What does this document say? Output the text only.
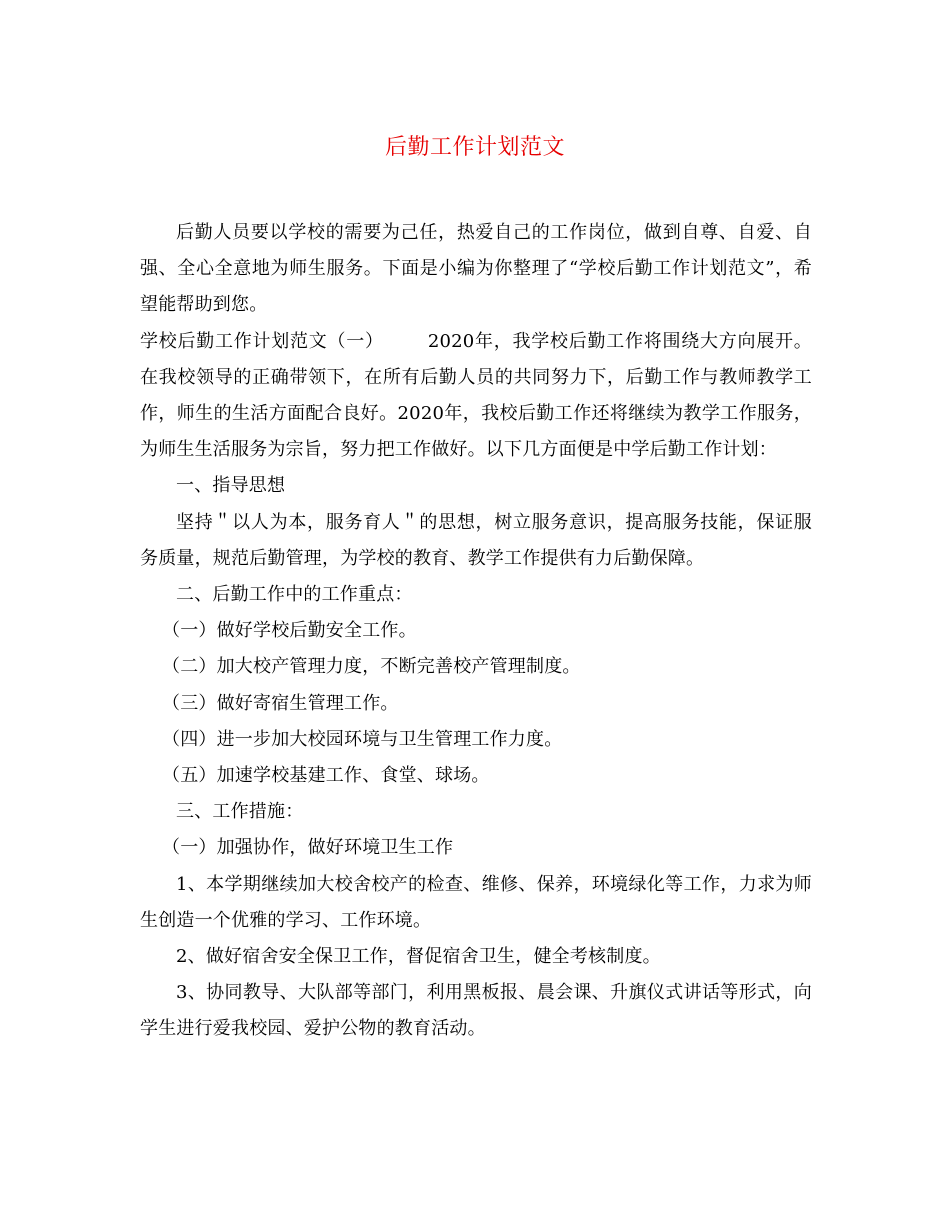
后勤工作计划范文

后勤人员要以学校的需要为己任，热爱自己的工作岗位，做到自尊、自爱、自强、全心全意地为师生服务。下面是小编为你整理了“学校后勤工作计划范文”，希望能帮助到您。

学校后勤工作计划范文（一） 2020年，我学校后勤工作将围绕大方向展开。在我校领导的正确带领下，在所有后勤人员的共同努力下，后勤工作与教师教学工作，师生的生活方面配合良好。2020年，我校后勤工作还将继续为教学工作服务，为师生生活服务为宗旨，努力把工作做好。以下几方面便是中学后勤工作计划：

一、指导思想

坚持＂以人为本，服务育人＂的思想，树立服务意识，提高服务技能，保证服务质量，规范后勤管理，为学校的教育、教学工作提供有力后勤保障。

二、后勤工作中的工作重点：

（一）做好学校后勤安全工作。

（二）加大校产管理力度，不断完善校产管理制度。

（三）做好寄宿生管理工作。

（四）进一步加大校园环境与卫生管理工作力度。

（五）加速学校基建工作、食堂、球场。

三、工作措施：

（一）加强协作，做好环境卫生工作

1、本学期继续加大校舍校产的检查、维修、保养，环境绿化等工作，力求为师生创造一个优雅的学习、工作环境。

2、做好宿舍安全保卫工作，督促宿舍卫生，健全考核制度。

3、协同教导、大队部等部门，利用黑板报、晨会课、升旗仪式讲话等形式，向学生进行爱我校园、爱护公物的教育活动。
